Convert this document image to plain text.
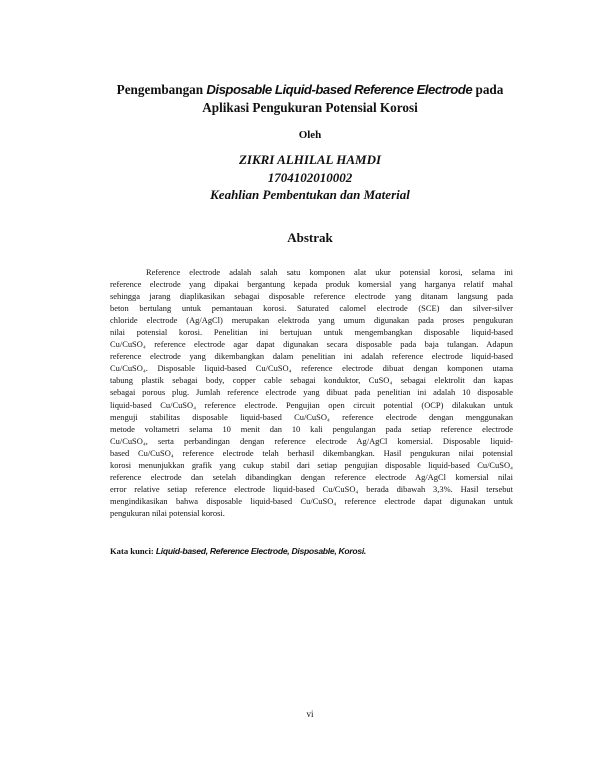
Pengembangan Disposable Liquid-based Reference Electrode pada
Aplikasi Pengukuran Potensial Korosi
Oleh
ZIKRI ALHILAL HAMDI
1704102010002
Keahlian Pembentukan dan Material
Abstrak
Reference electrode adalah salah satu komponen alat ukur potensial korosi, selama ini
reference electrode yang dipakai bergantung kepada produk komersial yang harganya relatif mahal
sehingga jarang diaplikasikan sebagai disposable reference electrode yang ditanam langsung pada
beton bertulang untuk pemantauan korosi. Saturated calomel electrode (SCE) dan silver-silver
chloride electrode (Ag/AgCl) merupakan elektroda yang umum digunakan pada proses pengukuran
nilai potensial korosi. Penelitian ini bertujuan untuk mengembangkan disposable liquid-based
Cu/CuSO₄ reference electrode agar dapat digunakan secara disposable pada baja tulangan. Adapun
reference electrode yang dikembangkan dalam penelitian ini adalah reference electrode liquid-based
Cu/CuSO₄. Disposable liquid-based Cu/CuSO₄ reference electrode dibuat dengan komponen utama
tabung plastik sebagai body, copper cable sebagai konduktor, CuSO₄ sebagai elektrolit dan kapas
sebagai porous plug. Jumlah reference electrode yang dibuat pada penelitian ini adalah 10 disposable
liquid-based Cu/CuSO₄ reference electrode. Pengujian open circuit potential (OCP) dilakukan untuk
menguji stabilitas disposable liquid-based Cu/CuSO₄ reference electrode dengan menggunakan
metode voltametri selama 10 menit dan 10 kali pengulangan pada setiap reference electrode
Cu/CuSO₄, serta perbandingan dengan reference electrode Ag/AgCl komersial. Disposable liquid-
based Cu/CuSO₄ reference electrode telah berhasil dikembangkan. Hasil pengukuran nilai potensial
korosi menunjukkan grafik yang cukup stabil dari setiap pengujian disposable liquid-based Cu/CuSO₄
reference electrode dan setelah dibandingkan dengan reference electrode Ag/AgCl komersial nilai
error relative setiap reference electrode liquid-based Cu/CuSO₄ berada dibawah 3,3%. Hasil tersebut
mengindikasikan bahwa disposable liquid-based Cu/CuSO₄ reference electrode dapat digunakan untuk
pengukuran nilai potensial korosi.
Kata kunci: Liquid-based, Reference Electrode, Disposable, Korosi.
vi
